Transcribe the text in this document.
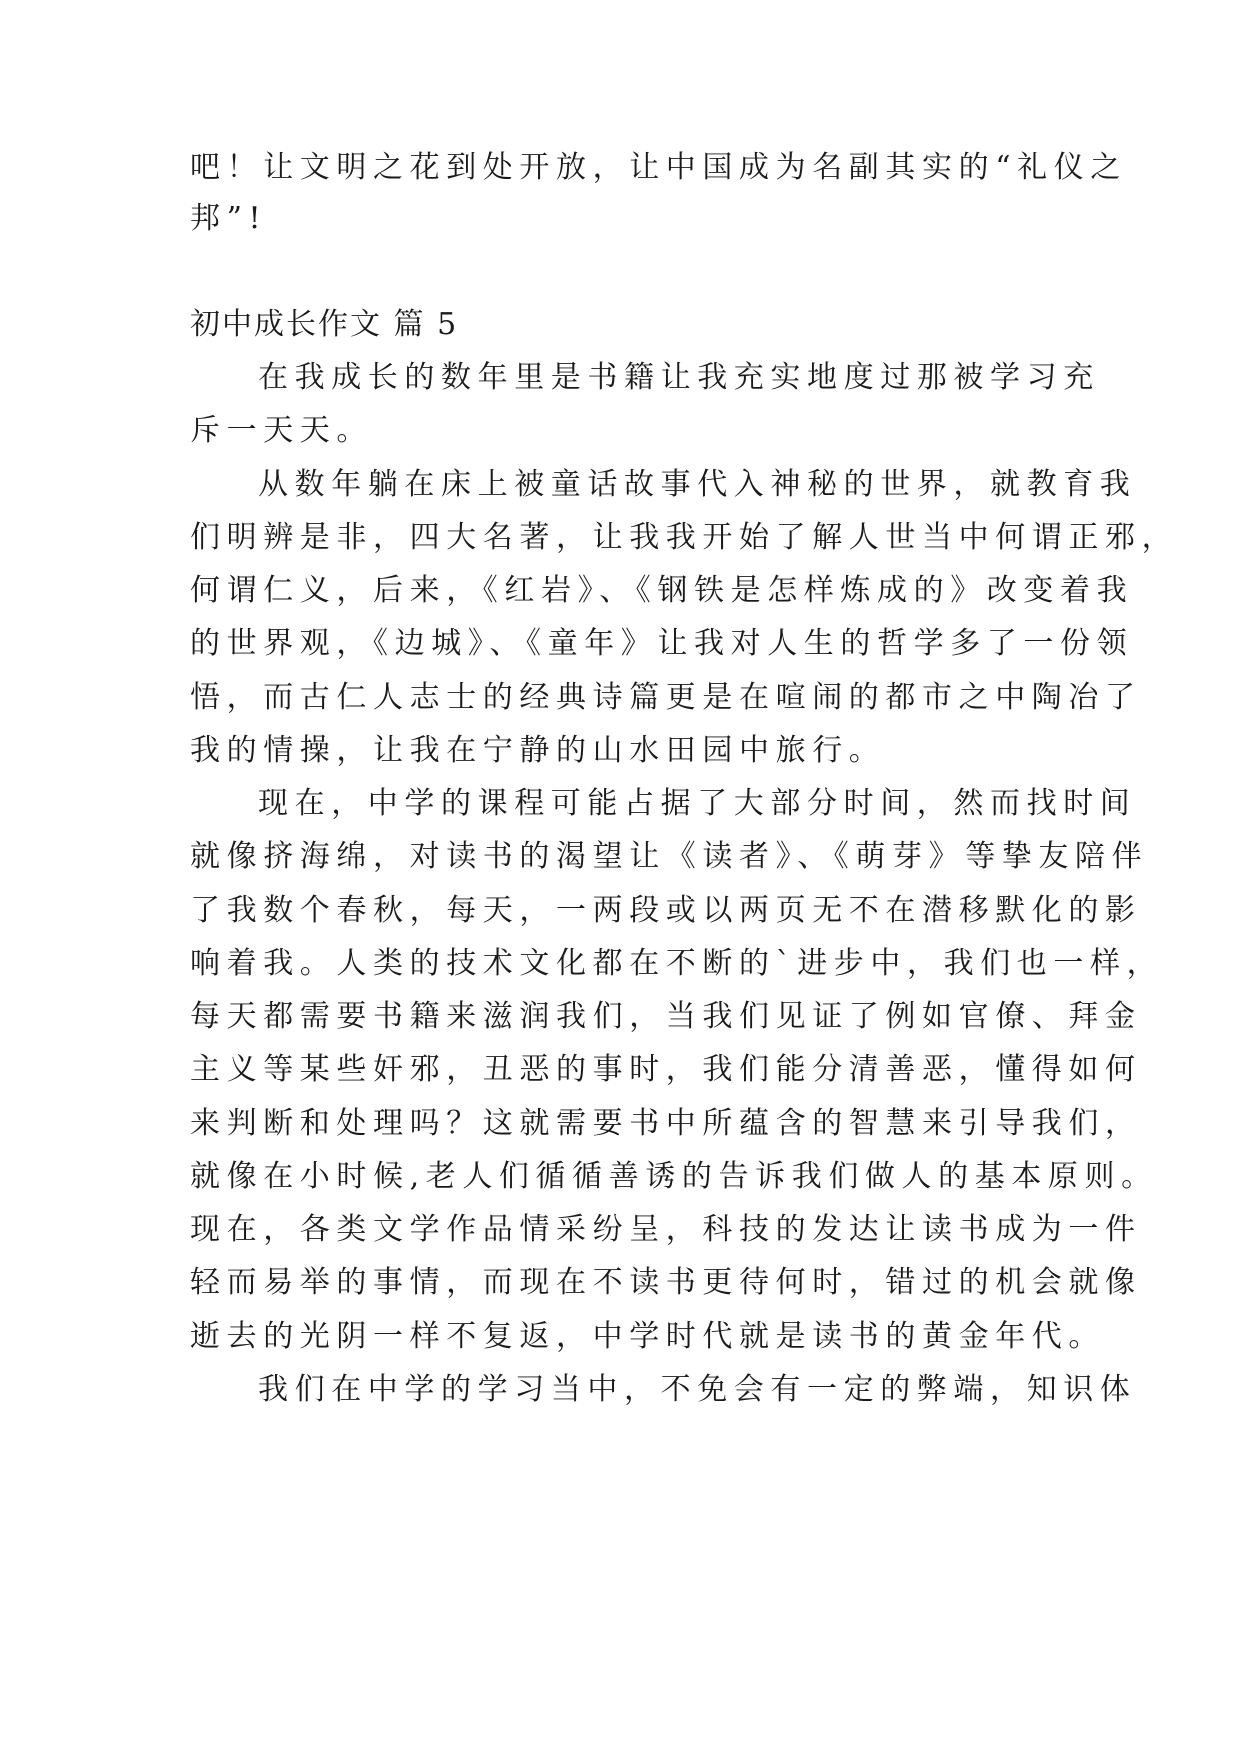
吧！让文明之花到处开放，让中国成为名副其实的“礼仪之
邦”!
初中成长作文 篇 5
在我成长的数年里是书籍让我充实地度过那被学习充
斥一天天。
从数年躺在床上被童话故事代入神秘的世界，就教育我
们明辨是非，四大名著，让我我开始了解人世当中何谓正邪，
何谓仁义，后来，《红岩》、《钢铁是怎样炼成的》改变着我
的世界观，《边城》、《童年》让我对人生的哲学多了一份领
悟，而古仁人志士的经典诗篇更是在喧闹的都市之中陶冶了
我的情操，让我在宁静的山水田园中旅行。
现在，中学的课程可能占据了大部分时间，然而找时间
就像挤海绵，对读书的渴望让《读者》、《萌芽》等挚友陪伴
了我数个春秋，每天，一两段或以两页无不在潜移默化的影
响着我。人类的技术文化都在不断的`进步中，我们也一样，
每天都需要书籍来滋润我们，当我们见证了例如官僚、拜金
主义等某些奸邪，丑恶的事时，我们能分清善恶，懂得如何
来判断和处理吗？这就需要书中所蕴含的智慧来引导我们，
就像在小时候,老人们循循善诱的告诉我们做人的基本原则。
现在，各类文学作品情采纷呈，科技的发达让读书成为一件
轻而易举的事情，而现在不读书更待何时，错过的机会就像
逝去的光阴一样不复返，中学时代就是读书的黄金年代。
我们在中学的学习当中，不免会有一定的弊端，知识体
